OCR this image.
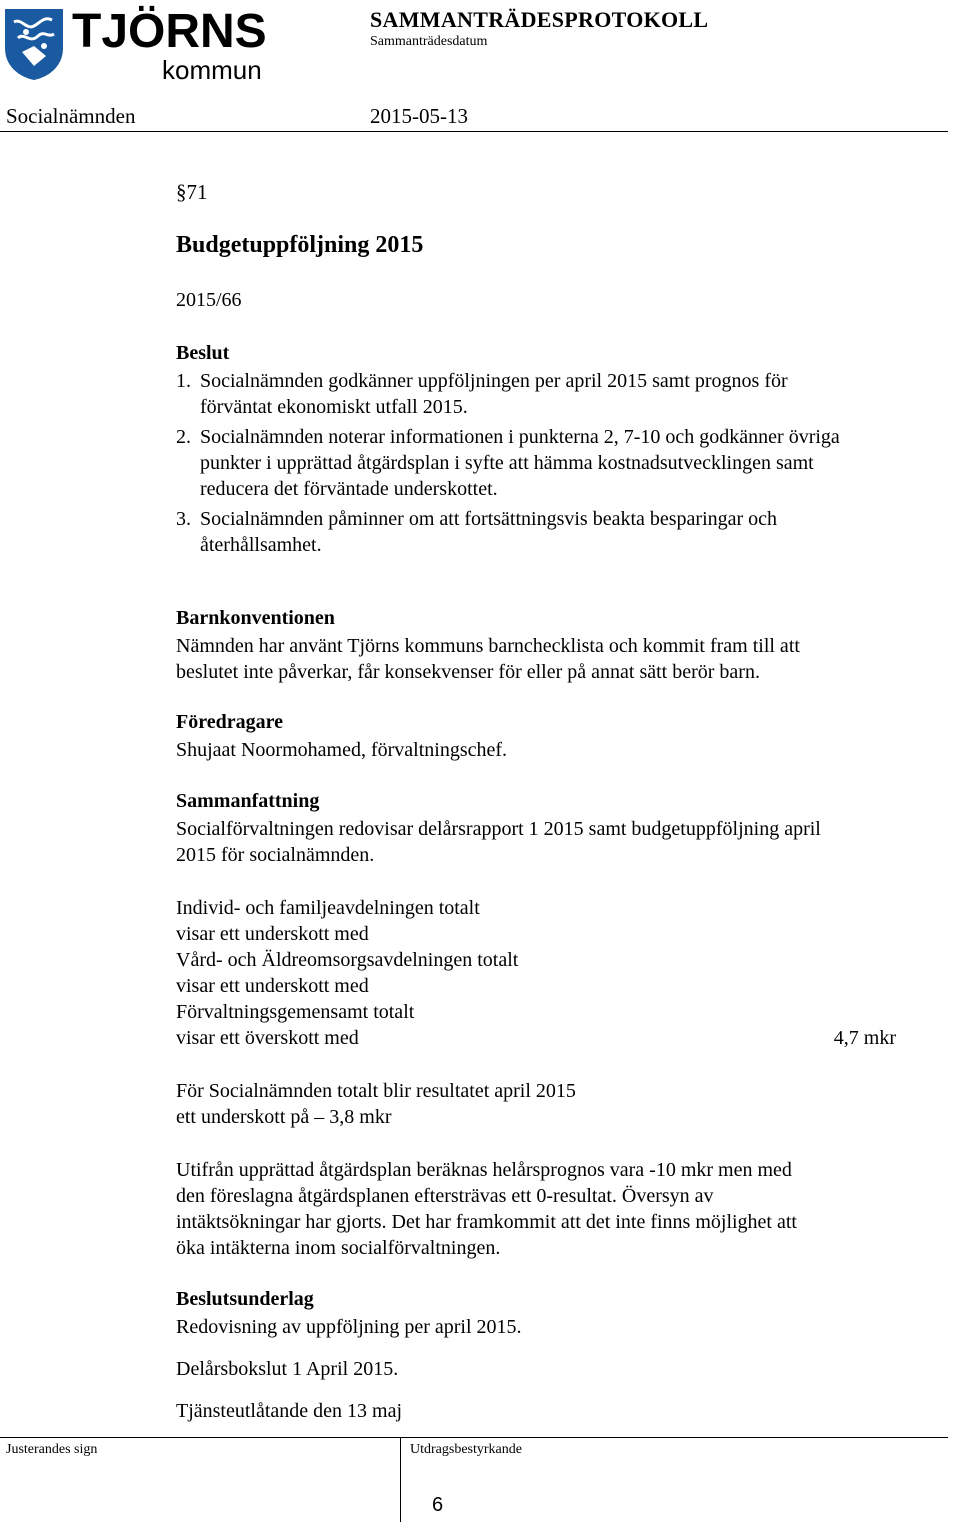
TJÖRNS
kommun
SAMMANTRÄDESPROTOKOLL
Sammanträdesdatum
Socialnämnden	2015-05-13
§71
Budgetuppföljning 2015
2015/66
Beslut
1. Socialnämnden godkänner uppföljningen per april 2015 samt prognos för
förväntat ekonomiskt utfall 2015.
2. Socialnämnden noterar informationen i punkterna 2, 7-10 och godkänner övriga
punkter i upprättad åtgärdsplan i syfte att hämma kostnadsutvecklingen samt
reducera det förväntade underskottet.
3. Socialnämnden påminner om att fortsättningsvis beakta besparingar och
återhållsamhet.
Barnkonventionen
Nämnden har använt Tjörns kommuns barnchecklista och kommit fram till att
beslutet inte påverkar, får konsekvenser för eller på annat sätt berör barn.
Föredragare
Shujaat Noormohamed, förvaltningschef.
Sammanfattning
Socialförvaltningen redovisar delårsrapport 1 2015 samt budgetuppföljning april
2015 för socialnämnden.
Individ- och familjeavdelningen totalt
visar ett underskott med
Vård- och Äldreomsorgsavdelningen totalt
visar ett underskott med
Förvaltningsgemensamt totalt
visar ett överskott med	4,7 mkr
För Socialnämnden totalt blir resultatet april 2015
ett underskott på – 3,8 mkr
Utifrån upprättad åtgärdsplan beräknas helårsprognos vara -10 mkr men med
den föreslagna åtgärdsplanen eftersträvas ett 0-resultat. Översyn av
intäktsökningar har gjorts. Det har framkommit att det inte finns möjlighet att
öka intäkterna inom socialförvaltningen.
Beslutsunderlag
Redovisning av uppföljning per april 2015.
Delårsbokslut 1 April 2015.
Tjänsteutlåtande den 13 maj
Justerandes sign	Utdragsbestyrkande
6
